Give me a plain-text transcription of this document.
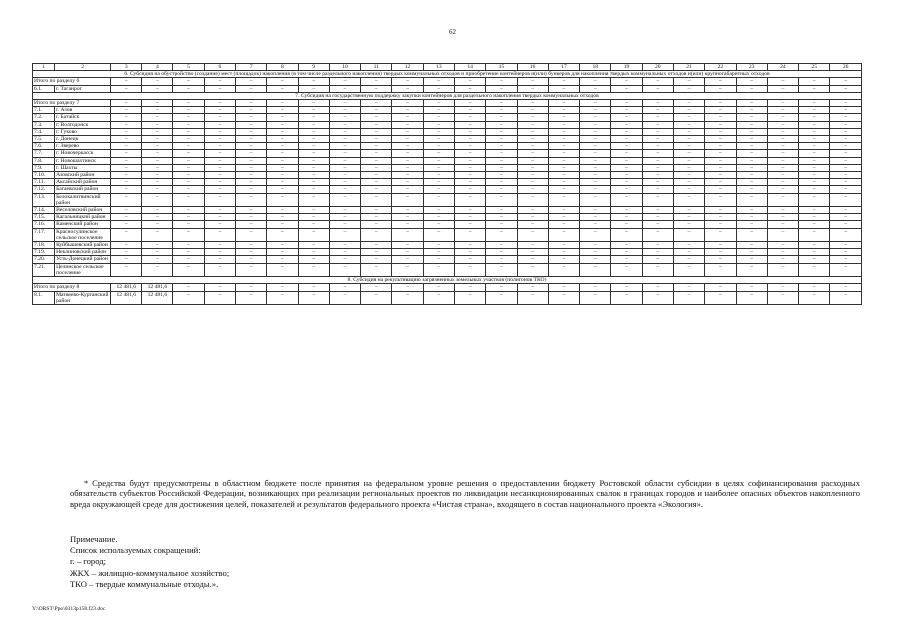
62
1	2	3	4	5	6	7	8	9	10	11	12	13	14	15	16	17	18	19	20	21	22	23	24	25	26
6. Субсидия на обустройство (создание) мест (площадок) накопления (в том числе раздельного накопления) твердых коммунальных отходов и приобретение контейнеров и(или) бункеров для накопления твердых коммунальных отходов и(или) крупногабаритных отходов																									
Итого по разделу 6		–	–	–	–	–	–	–	–	–	–	–	–	–	–	–	–	–	–	–	–	–	–	–	–
6.1.	г. Таганрог	–	–	–	–	–	–	–	–	–	–	–	–	–	–	–	–	–	–	–	–	–	–	–	–
7. Субсидия на государственную поддержку закупки контейнеров для раздельного накопления твердых коммунальных отходов																									
Итого по разделу 7		–	–	–	–	–	–	–	–	–	–	–	–	–	–	–	–	–	–	–	–	–	–	–	–
7.1.	г. Азов	–	–	–	–	–	–	–	–	–	–	–	–	–	–	–	–	–	–	–	–	–	–	–	–
7.2.	г. Батайск	–	–	–	–	–	–	–	–	–	–	–	–	–	–	–	–	–	–	–	–	–	–	–	–
7.3.	г. Волгодонск	–	–	–	–	–	–	–	–	–	–	–	–	–	–	–	–	–	–	–	–	–	–	–	–
7.4.	г. Гуково	–	–	–	–	–	–	–	–	–	–	–	–	–	–	–	–	–	–	–	–	–	–	–	–
7.5.	г. Донецк	–	–	–	–	–	–	–	–	–	–	–	–	–	–	–	–	–	–	–	–	–	–	–	–
7.6.	г. Зверево	–	–	–	–	–	–	–	–	–	–	–	–	–	–	–	–	–	–	–	–	–	–	–	–
7.7.	г. Новочеркасск	–	–	–	–	–	–	–	–	–	–	–	–	–	–	–	–	–	–	–	–	–	–	–	–
7.8.	г. Новошахтинск	–	–	–	–	–	–	–	–	–	–	–	–	–	–	–	–	–	–	–	–	–	–	–	–
7.9.	г. Шахты	–	–	–	–	–	–	–	–	–	–	–	–	–	–	–	–	–	–	–	–	–	–	–	–
7.10.	Азовский район	–	–	–	–	–	–	–	–	–	–	–	–	–	–	–	–	–	–	–	–	–	–	–	–
7.11.	Аксайский район	–	–	–	–	–	–	–	–	–	–	–	–	–	–	–	–	–	–	–	–	–	–	–	–
7.12.	Багаевский район	–	–	–	–	–	–	–	–	–	–	–	–	–	–	–	–	–	–	–	–	–	–	–	–
7.13.	Белокалитвинский район	–	–	–	–	–	–	–	–	–	–	–	–	–	–	–	–	–	–	–	–	–	–	–	–
7.14.	Веселовский район	–	–	–	–	–	–	–	–	–	–	–	–	–	–	–	–	–	–	–	–	–	–	–	–
7.15.	Кагальницкий район	–	–	–	–	–	–	–	–	–	–	–	–	–	–	–	–	–	–	–	–	–	–	–	–
7.16.	Каменский район	–	–	–	–	–	–	–	–	–	–	–	–	–	–	–	–	–	–	–	–	–	–	–	–
7.17.	Красносулинское сельское поселение	–	–	–	–	–	–	–	–	–	–	–	–	–	–	–	–	–	–	–	–	–	–	–	–
7.18.	Куйбышевский район	–	–	–	–	–	–	–	–	–	–	–	–	–	–	–	–	–	–	–	–	–	–	–	–
7.19.	Неклиновский район	–	–	–	–	–	–	–	–	–	–	–	–	–	–	–	–	–	–	–	–	–	–	–	–
7.20.	Усть-Донецкий район	–	–	–	–	–	–	–	–	–	–	–	–	–	–	–	–	–	–	–	–	–	–	–	–
7.21.	Целинское сельское поселение	–	–	–	–	–	–	–	–	–	–	–	–	–	–	–	–	–	–	–	–	–	–	–	–
8. Субсидия на рекультивацию загрязненных земельных участков (полигонов ТКО)																									
Итого по разделу 8		12 481,6	12 481,6	–	–	–	–	–	–	–	–	–	–	–	–	–	–	–	–	–	–	–	–	–	–
8.1.	Матвеево-Курганский район	12 481,6	12 481,6	–	–	–	–	–	–	–	–	–	–	–	–	–	–	–	–	–	–	–	–	–	–

* Средства будут предусмотрены в областном бюджете после принятия на федеральном уровне решения о предоставлении бюджету Ростовской области субсидии в целях софинансирования расходных обязательств субъектов Российской Федерации, возникающих при реализации региональных проектов по ликвидации несанкционированных свалок в границах городов и наиболее опасных объектов накопленного вреда окружающей среде для достижения целей, показателей и результатов федерального проекта «Чистая страна», входящего в состав национального проекта «Экология».

Примечание.
Список используемых сокращений:
г. – город;
ЖКХ – жилищно-коммунальное хозяйство;
ТКО – твердые коммунальные отходы.».
Y:\ORST\Ppo\0313p158.f23.doc
